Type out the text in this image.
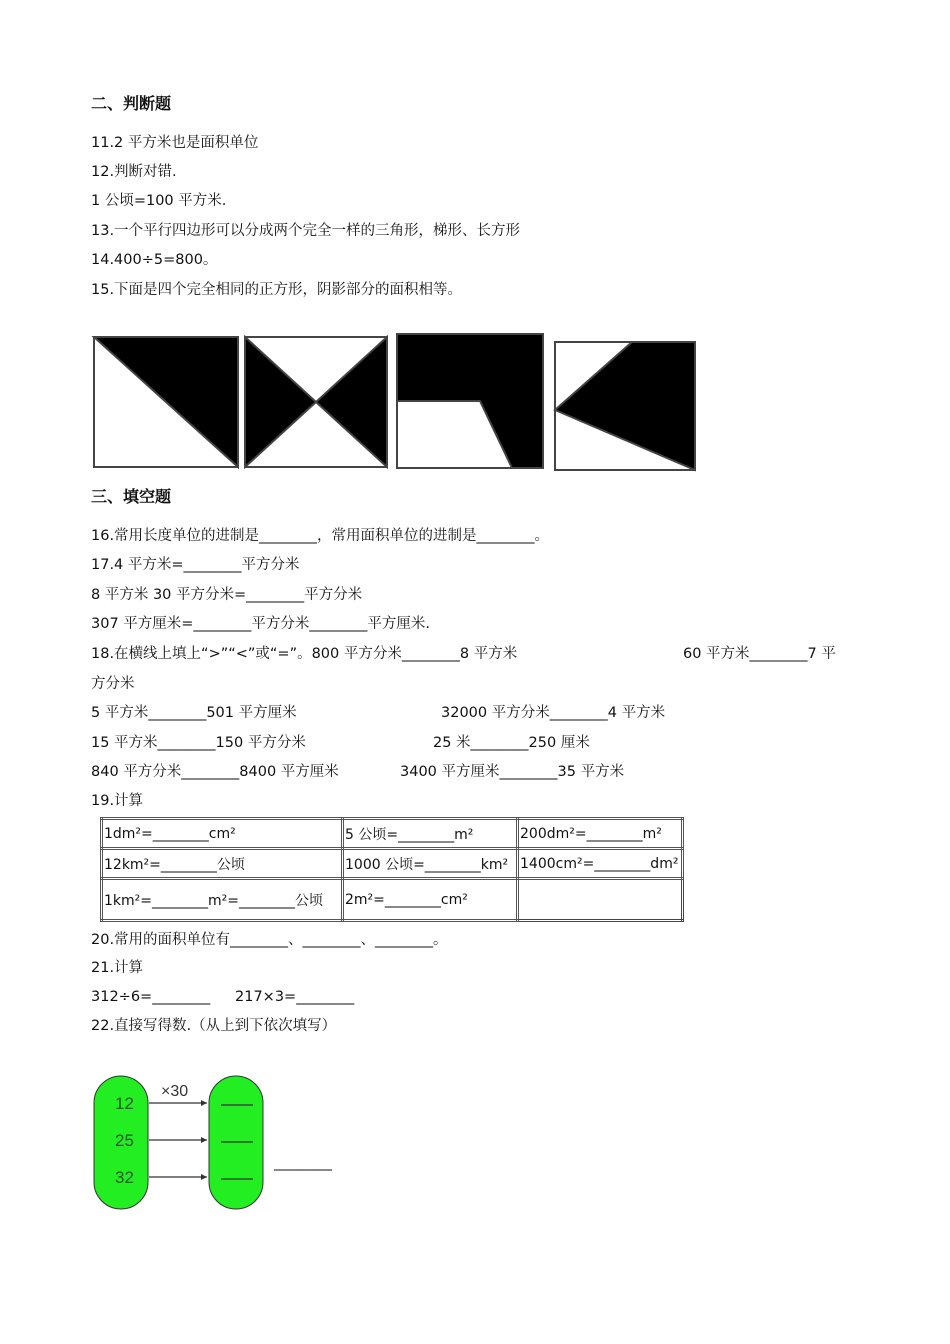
二、判断题
11.2 平方米也是面积单位
12.判断对错.
1 公顷=100 平方米.
13.一个平行四边形可以分成两个完全一样的三角形，梯形、长方形
14.400÷5=800。
15.下面是四个完全相同的正方形，阴影部分的面积相等。
三、填空题
16.常用长度单位的进制是________，常用面积单位的进制是________。
17.4 平方米=________平方分米
8 平方米 30 平方分米=________平方分米
307 平方厘米=________平方分米________平方厘米.
18.在横线上填上“>”“<”或“=”。800 平方分米________8 平方米	60 平方米________7 平
方分米
5 平方米________501 平方厘米	32000 平方分米________4 平方米
15 平方米________150 平方分米	25 米________250 厘米
840 平方分米________8400 平方厘米	3400 平方厘米________35 平方米
19.计算
1dm²=________cm²	5 公顷=________m²	200dm²=________m²
12km²=________公顷	1000 公顷=________km²	1400cm²=________dm²
1km²=________m²=________公顷	2m²=________cm²	
20.常用的面积单位有________、________、________。
21.计算
312÷6=________ 217×3=________
22.直接写得数.（从上到下依次填写）
12
25
32
×30
________
